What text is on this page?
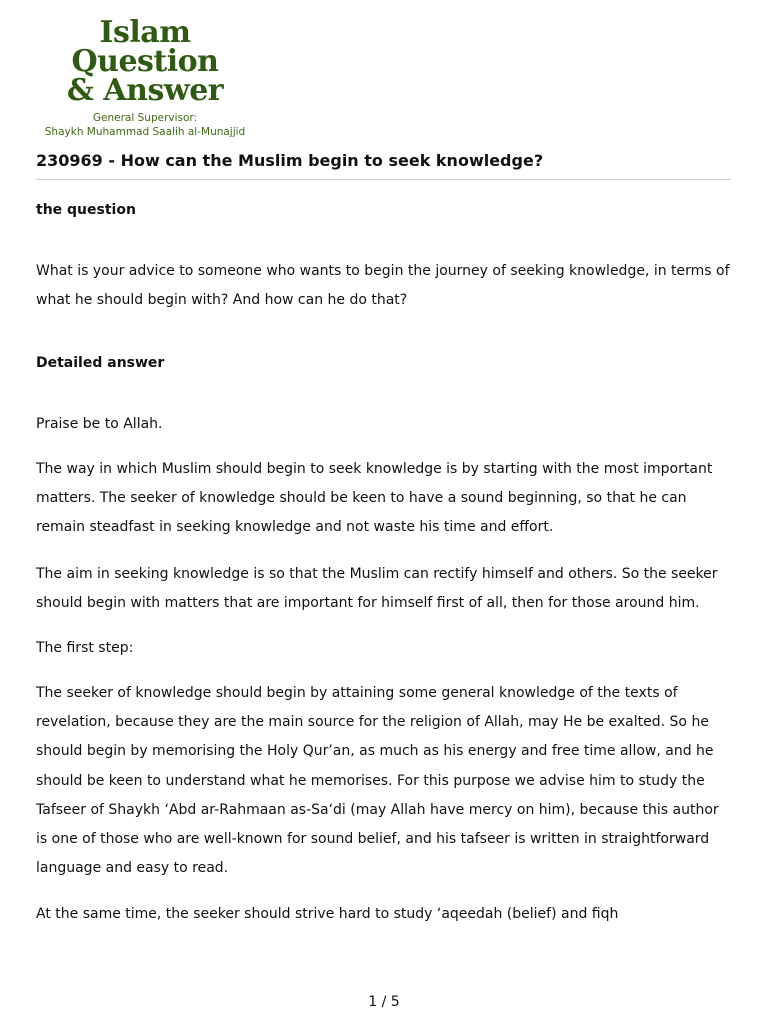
Islam Question
& Answer
General Supervisor:
Shaykh Muhammad Saalih al-Munajjid
230969 - How can the Muslim begin to seek knowledge?
the question

What is your advice to someone who wants to begin the journey of seeking knowledge, in terms of
what he should begin with? And how can he do that?

Detailed answer

Praise be to Allah.

The way in which Muslim should begin to seek knowledge is by starting with the most important
matters. The seeker of knowledge should be keen to have a sound beginning, so that he can
remain steadfast in seeking knowledge and not waste his time and effort.

The aim in seeking knowledge is so that the Muslim can rectify himself and others. So the seeker
should begin with matters that are important for himself first of all, then for those around him.

The first step:

The seeker of knowledge should begin by attaining some general knowledge of the texts of
revelation, because they are the main source for the religion of Allah, may He be exalted. So he
should begin by memorising the Holy Qur’an, as much as his energy and free time allow, and he
should be keen to understand what he memorises. For this purpose we advise him to study the
Tafseer of Shaykh ‘Abd ar-Rahmaan as-Sa‘di (may Allah have mercy on him), because this author
is one of those who are well-known for sound belief, and his tafseer is written in straightforward
language and easy to read.

At the same time, the seeker should strive hard to study ‘aqeedah (belief) and fiqh

1 / 5
